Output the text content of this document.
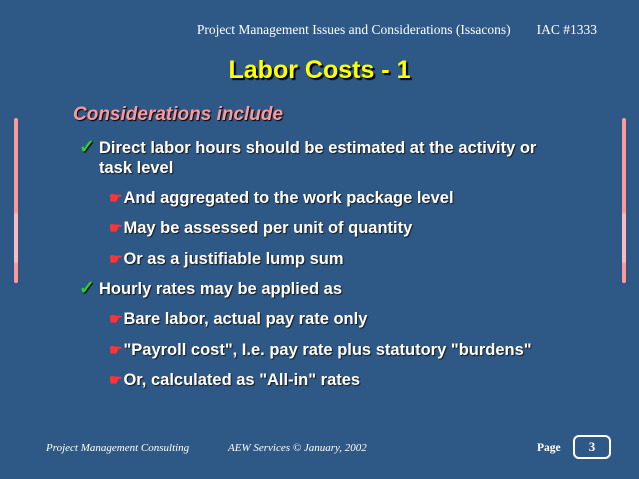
Project Management Issues and Considerations (Issacons) IAC #1333
Labor Costs - 1
Considerations include
✓ Direct labor hours should be estimated at the activity or
task level
☛And aggregated to the work package level
☛May be assessed per unit of quantity
☛Or as a justifiable lump sum
✓ Hourly rates may be applied as
☛Bare labor, actual pay rate only
☛"Payroll cost", I.e. pay rate plus statutory "burdens"
☛Or, calculated as "All-in" rates
Project Management Consulting	AEW Services © January, 2002	Page	3
